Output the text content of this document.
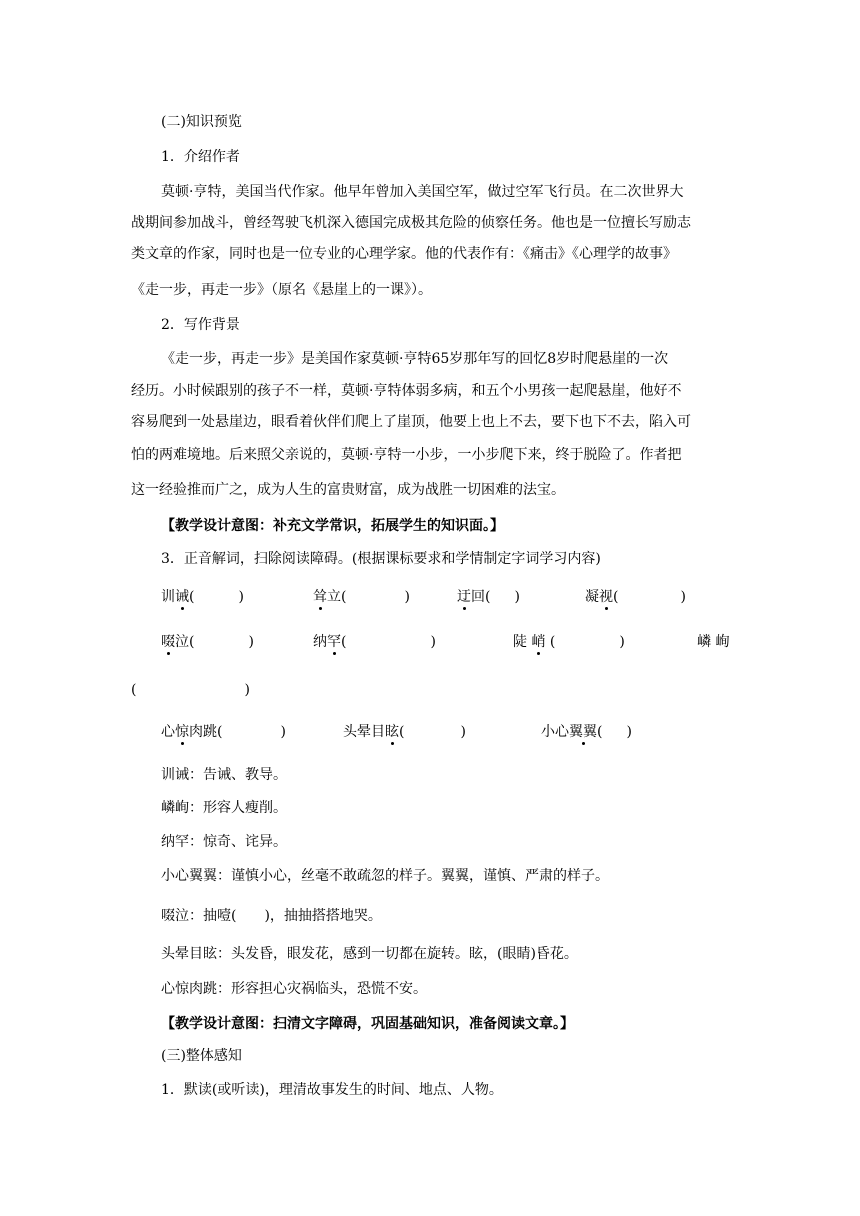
(二)知识预览
1．介绍作者
莫顿·亨特，美国当代作家。他早年曾加入美国空军，做过空军飞行员。在二次世界大
战期间参加战斗，曾经驾驶飞机深入德国完成极其危险的侦察任务。他也是一位擅长写励志
类文章的作家，同时也是一位专业的心理学家。他的代表作有：《痛击》《心理学的故事》
《走一步，再走一步》（原名《悬崖上的一课》）。
2．写作背景
《走一步，再走一步》是美国作家莫顿·亨特65岁那年写的回忆8岁时爬悬崖的一次
经历。小时候跟别的孩子不一样，莫顿·亨特体弱多病，和五个小男孩一起爬悬崖，他好不
容易爬到一处悬崖边，眼看着伙伴们爬上了崖顶，他要上也上不去，要下也下不去，陷入可
怕的两难境地。后来照父亲说的，莫顿·亨特一小步，一小步爬下来，终于脱险了。作者把
这一经验推而广之，成为人生的富贵财富，成为战胜一切困难的法宝。
【教学设计意图：补充文学常识，拓展学生的知识面。】
3．正音解词，扫除阅读障碍。(根据课标要求和学情制定字词学习内容)
训诫(	)	耸立(	)	迂回( )	凝视(	)
啜泣(	)	纳罕(	)	陡 峭 (	)	嶙 峋
(	)
心惊肉跳(	)	头晕目眩(	)	小心翼翼( )
训诫：告诫、教导。
嶙峋：形容人瘦削。
纳罕：惊奇、诧异。
小心翼翼：谨慎小心，丝毫不敢疏忽的样子。翼翼，谨慎、严肃的样子。
啜泣：抽噎(　　)，抽抽搭搭地哭。
头晕目眩：头发昏，眼发花，感到一切都在旋转。眩，(眼睛)昏花。
心惊肉跳：形容担心灾祸临头，恐慌不安。
【教学设计意图：扫清文字障碍，巩固基础知识，准备阅读文章。】
(三)整体感知
1．默读(或听读)，理清故事发生的时间、地点、人物。
